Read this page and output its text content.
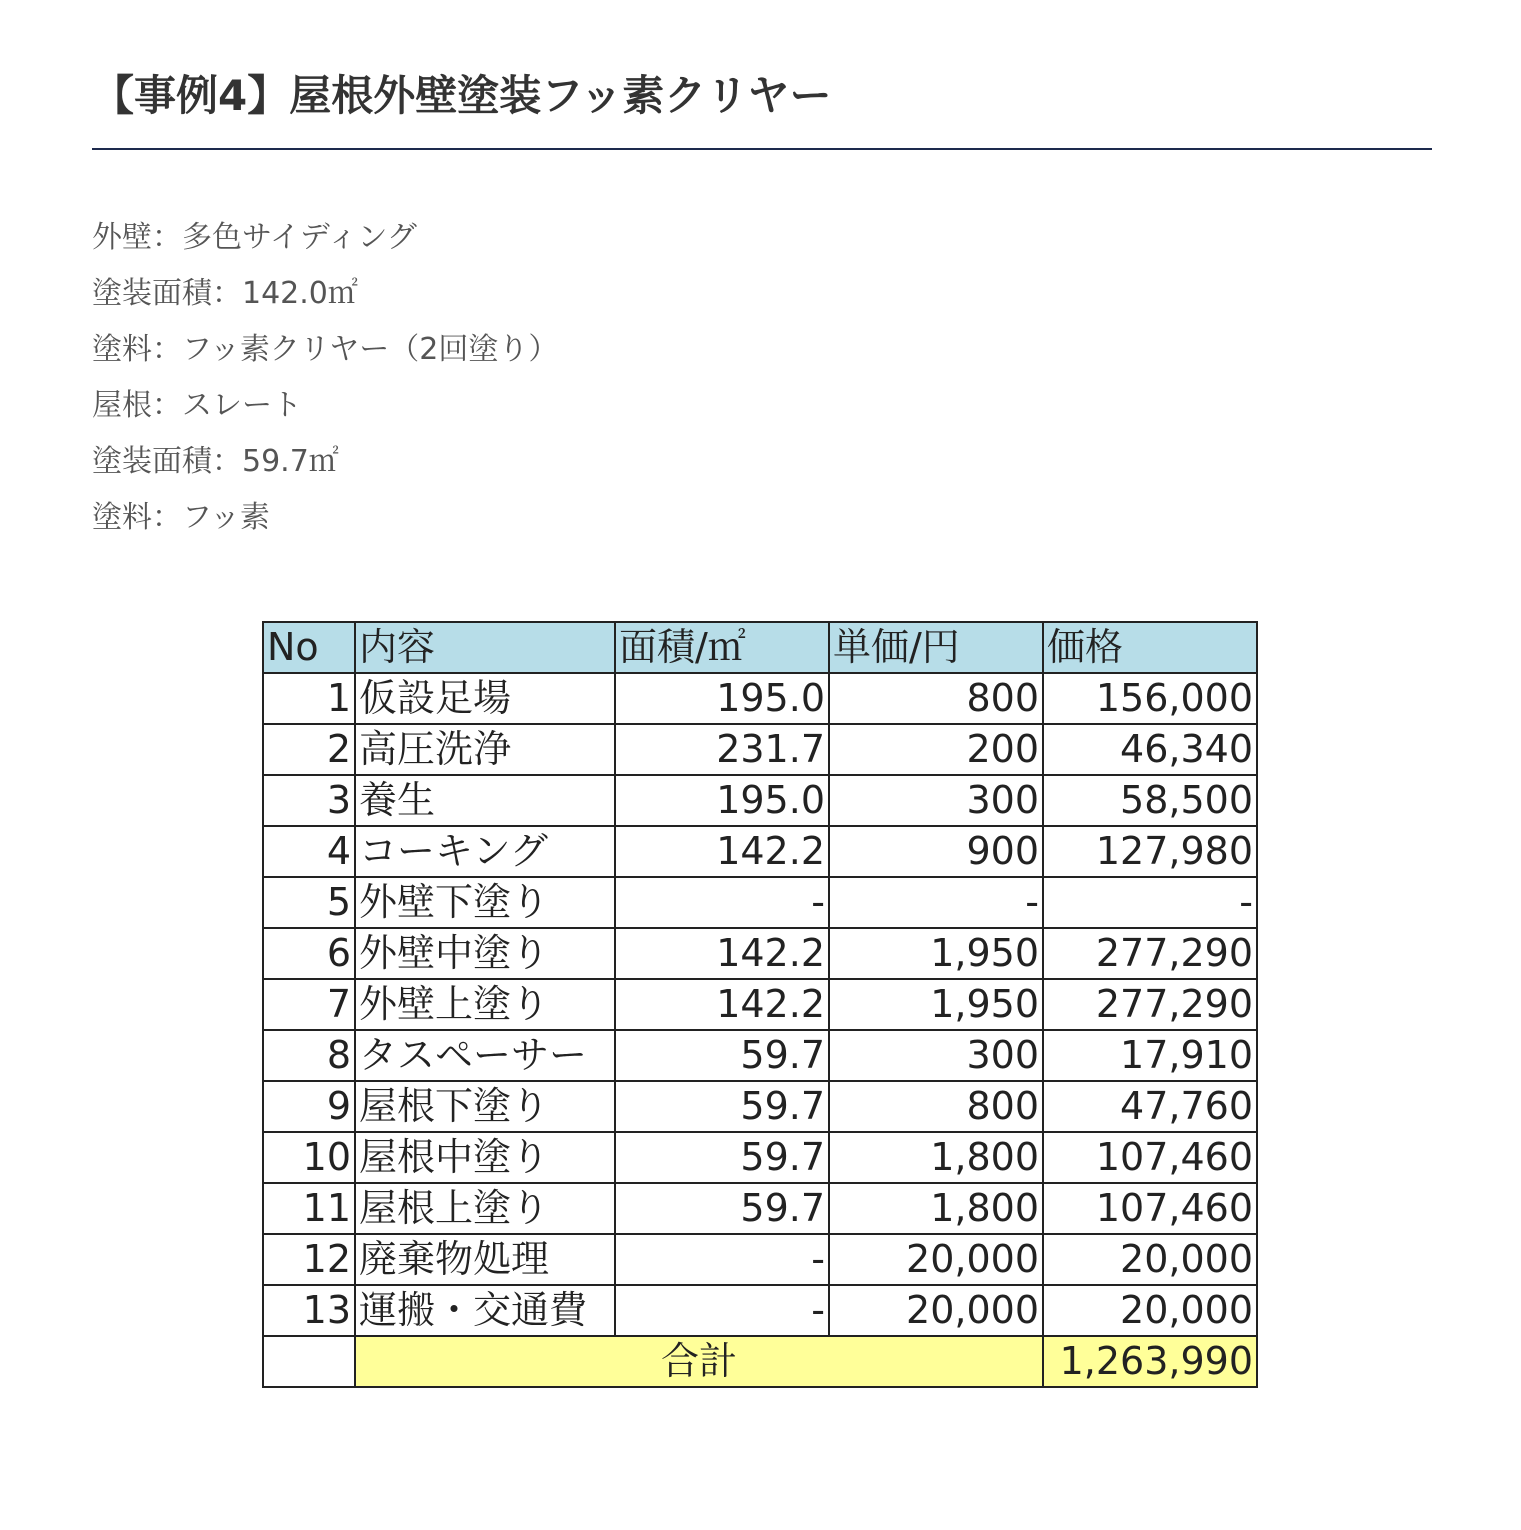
【事例4】屋根外壁塗装フッ素クリヤー
外壁：多色サイディング
塗装面積：142.0㎡
塗料：フッ素クリヤー（2回塗り）
屋根：スレート
塗装面積：59.7㎡
塗料：フッ素
No	内容	面積/㎡	単価/円	価格
1	仮設足場	195.0	800	156,000
2	高圧洗浄	231.7	200	46,340
3	養生	195.0	300	58,500
4	コーキング	142.2	900	127,980
5	外壁下塗り	-	-	-
6	外壁中塗り	142.2	1,950	277,290
7	外壁上塗り	142.2	1,950	277,290
8	タスペーサー	59.7	300	17,910
9	屋根下塗り	59.7	800	47,760
10	屋根中塗り	59.7	1,800	107,460
11	屋根上塗り	59.7	1,800	107,460
12	廃棄物処理	-	20,000	20,000
13	運搬・交通費	-	20,000	20,000
	合計			1,263,990
